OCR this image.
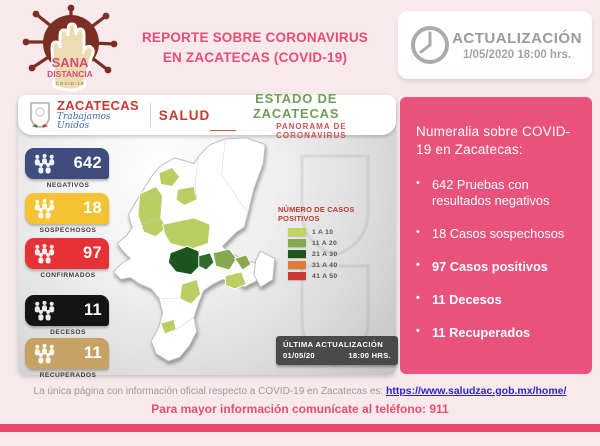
SANA
DISTANCIA
COVID-19
REPORTE SOBRE CORONAVIRUS
EN ZACATECAS (COVID-19)
ACTUALIZACIÓN
1/05/2020 18:00 hrs.
ZACATECAS
Trabajamos Unidos
SALUD
ESTADO DE ZACATECAS
PANORAMA DE CORONAVIRUS
642
NEGATIVOS
18
SOSPECHOSOS
97
CONFIRMADOS
11
DECESOS
11
RECUPERADOS
NÚMERO DE CASOS POSITIVOS
1 A 10
11 A 20
21 A 30
31 A 40
41 A 50
ÚLTIMA ACTUALIZACIÓN
01/05/20	18:00 HRS.
Numeralia sobre COVID-19 en Zacatecas:
• 642 Pruebas con resultados negativos
• 18 Casos sospechosos
• 97 Casos positivos
• 11 Decesos
• 11 Recuperados
La única página con información oficial respecto a COVID-19 en Zacatecas es: https://www.saludzac.gob.mx/home/
Para mayor información comunícate al teléfono: 911
